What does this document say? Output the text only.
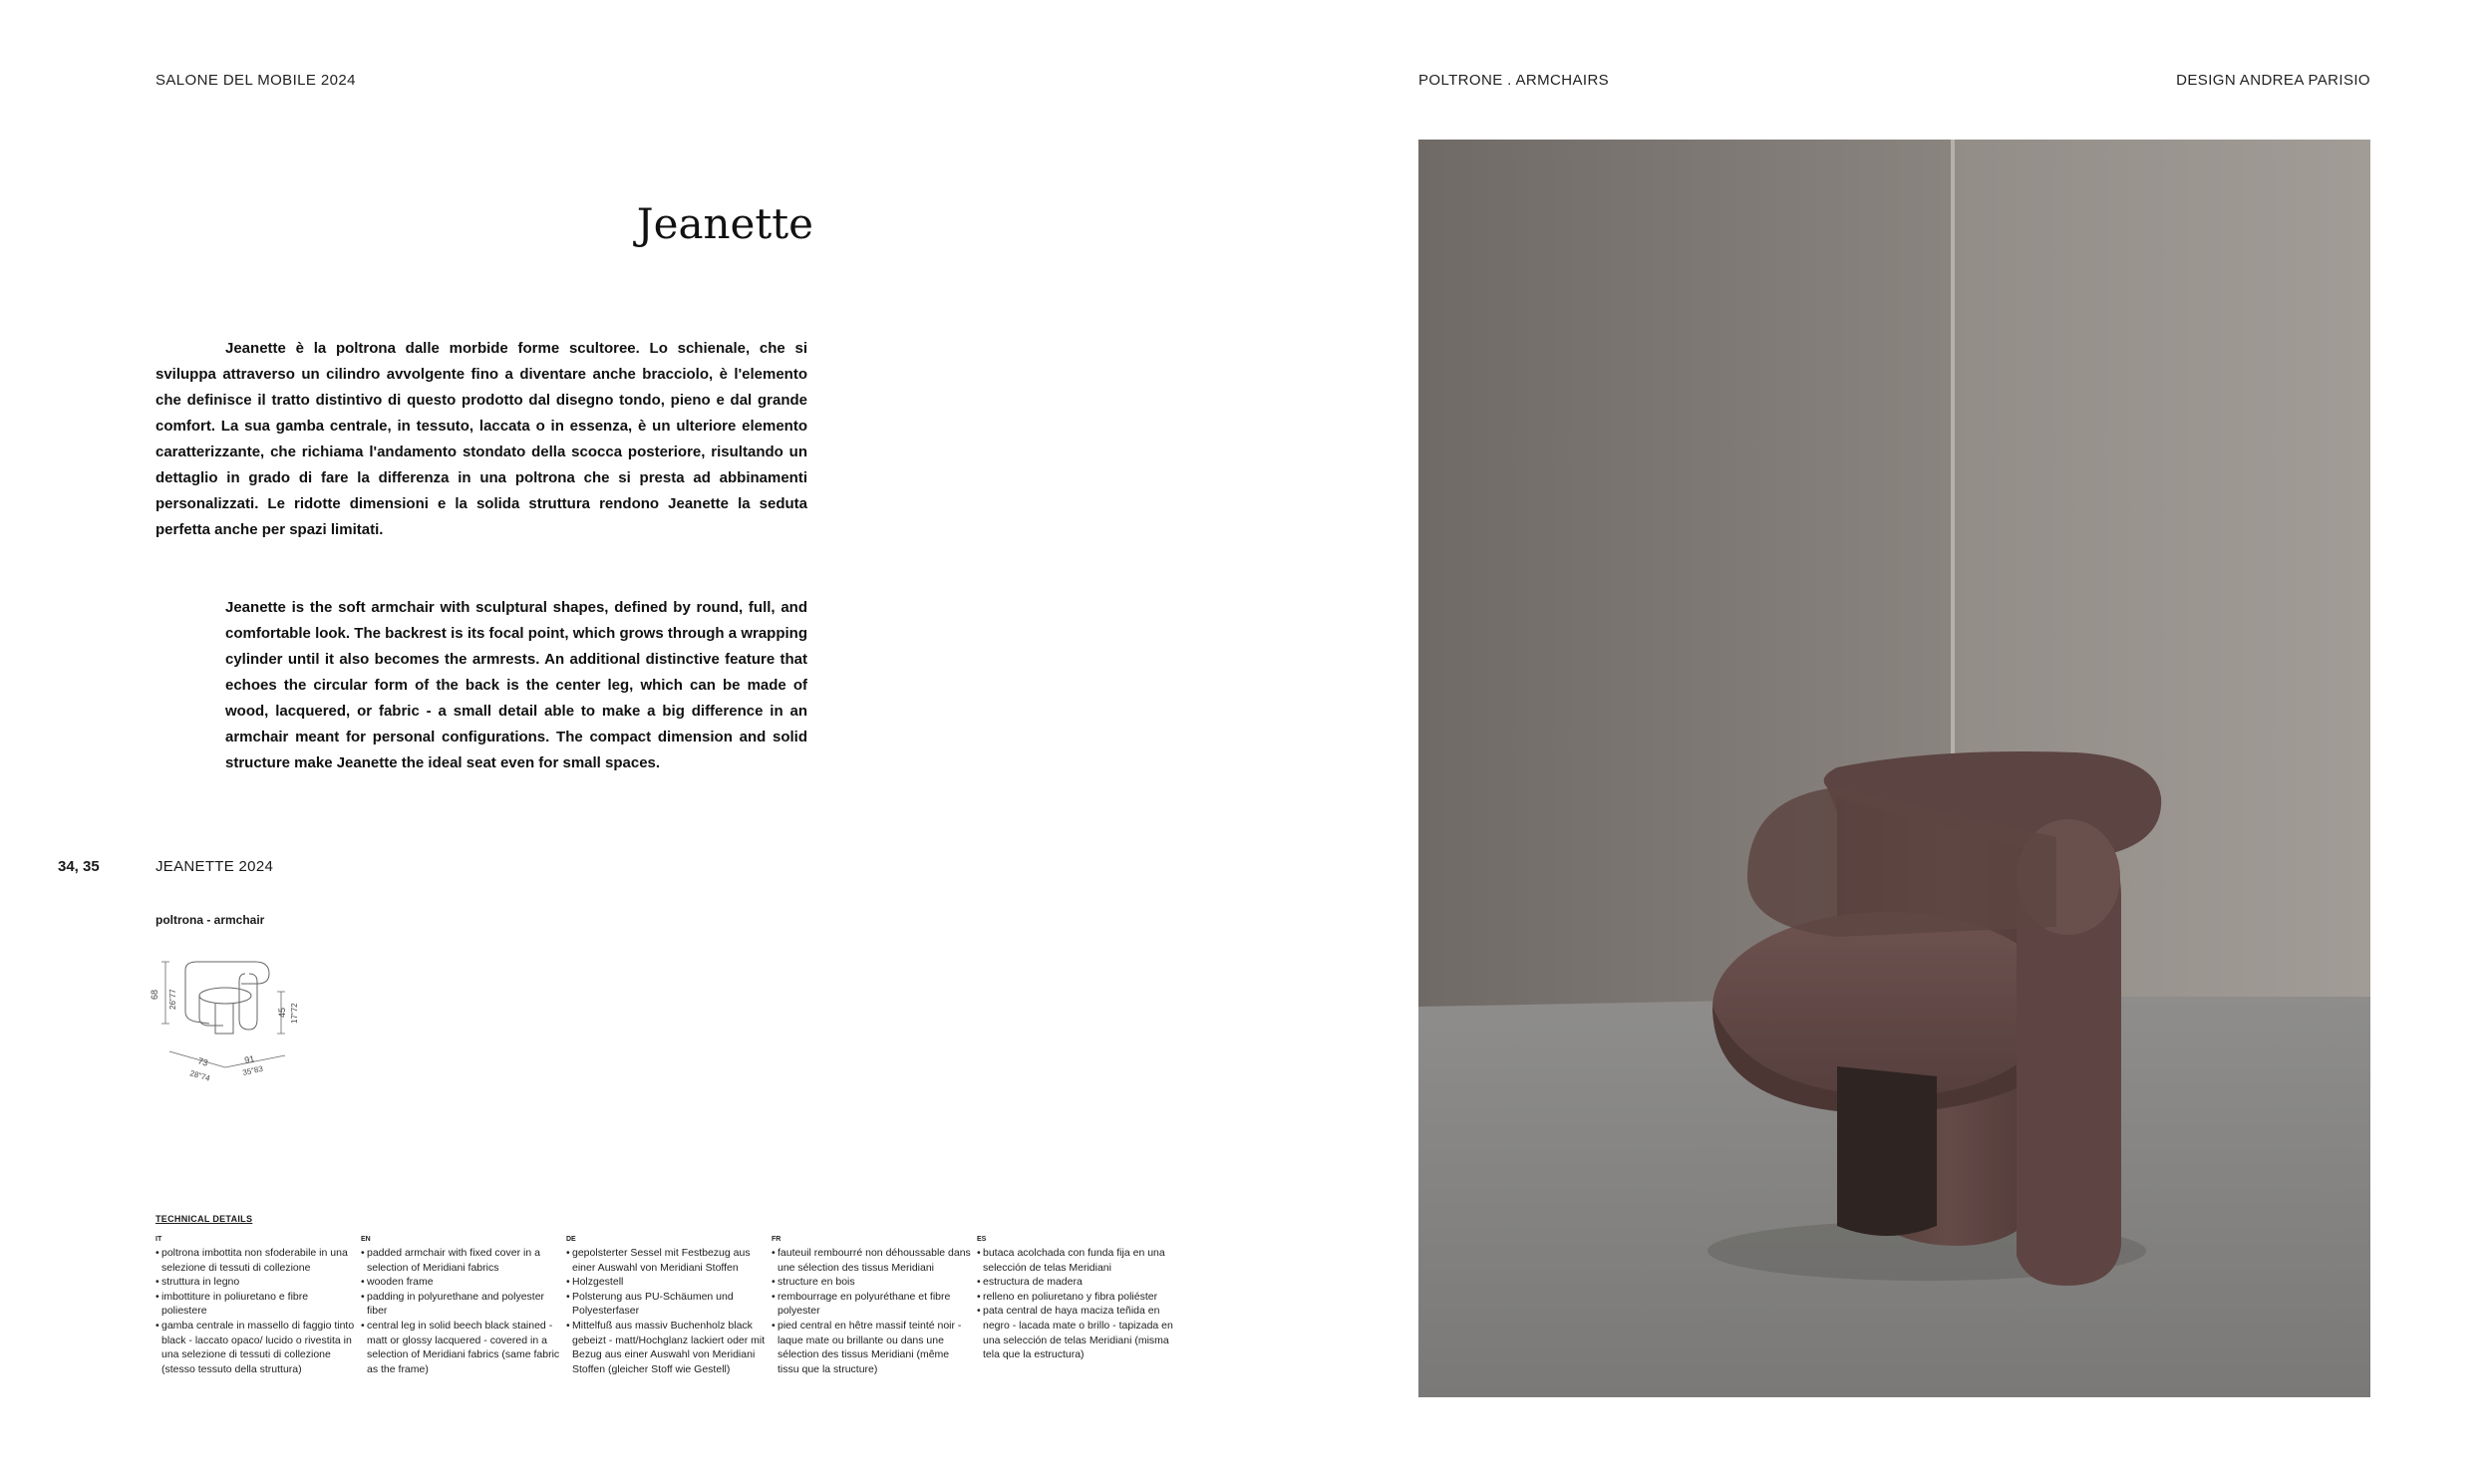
SALONE DEL MOBILE 2024	POLTRONE . ARMCHAIRS	DESIGN ANDREA PARISIO
Jeanette
Jeanette è la poltrona dalle morbide forme scultoree. Lo schienale, che si sviluppa attraverso un cilindro avvolgente fino a diventare anche bracciolo, è l'elemento che definisce il tratto distintivo di questo prodotto dal disegno tondo, pieno e dal grande comfort. La sua gamba centrale, in tessuto, laccata o in essenza, è un ulteriore elemento caratterizzante, che richiama l'andamento stondato della scocca posteriore, risultando un dettaglio in grado di fare la differenza in una poltrona che si presta ad abbinamenti personalizzati. Le ridotte dimensioni e la solida struttura rendono Jeanette la seduta perfetta anche per spazi limitati.
Jeanette is the soft armchair with sculptural shapes, defined by round, full, and comfortable look. The backrest is its focal point, which grows through a wrapping cylinder until it also becomes the armrests. An additional distinctive feature that echoes the circular form of the back is the center leg, which can be made of wood, lacquered, or fabric - a small detail able to make a big difference in an armchair meant for personal configurations. The compact dimension and solid structure make Jeanette the ideal seat even for small spaces.
34, 35	JEANETTE 2024
poltrona - armchair
68 26"77
45 17"72
73
28"74
91
35"83
TECHNICAL DETAILS
IT
• poltrona imbottita non sfoderabile in una selezione di tessuti di collezione
• struttura in legno
• imbottiture in poliuretano e fibre poliestere
• gamba centrale in massello di faggio tinto black - laccato opaco/ lucido o rivestita in una selezione di tessuti di collezione (stesso tessuto della struttura)
EN
• padded armchair with fixed cover in a selection of Meridiani fabrics
• wooden frame
• padding in polyurethane and polyester fiber
• central leg in solid beech black stained - matt or glossy lacquered - covered in a selection of Meridiani fabrics (same fabric as the frame)
DE
• gepolsterter Sessel mit Festbezug aus einer Auswahl von Meridiani Stoffen
• Holzgestell
• Polsterung aus PU-Schäumen und Polyesterfaser
• Mittelfuß aus massiv Buchenholz black gebeizt - matt/Hochglanz lackiert oder mit Bezug aus einer Auswahl von Meridiani Stoffen (gleicher Stoff wie Gestell)
FR
• fauteuil rembourré non déhoussable dans une sélection des tissus Meridiani
• structure en bois
• rembourrage en polyuréthane et fibre polyester
• pied central en hêtre massif teinté noir - laque mate ou brillante ou dans une sélection des tissus Meridiani (même tissu que la structure)
ES
• butaca acolchada con funda fija en una selección de telas Meridiani
• estructura de madera
• relleno en poliuretano y fibra poliéster
• pata central de haya maciza teñida en negro - lacada mate o brillo - tapizada en una selección de telas Meridiani (misma tela que la estructura)
